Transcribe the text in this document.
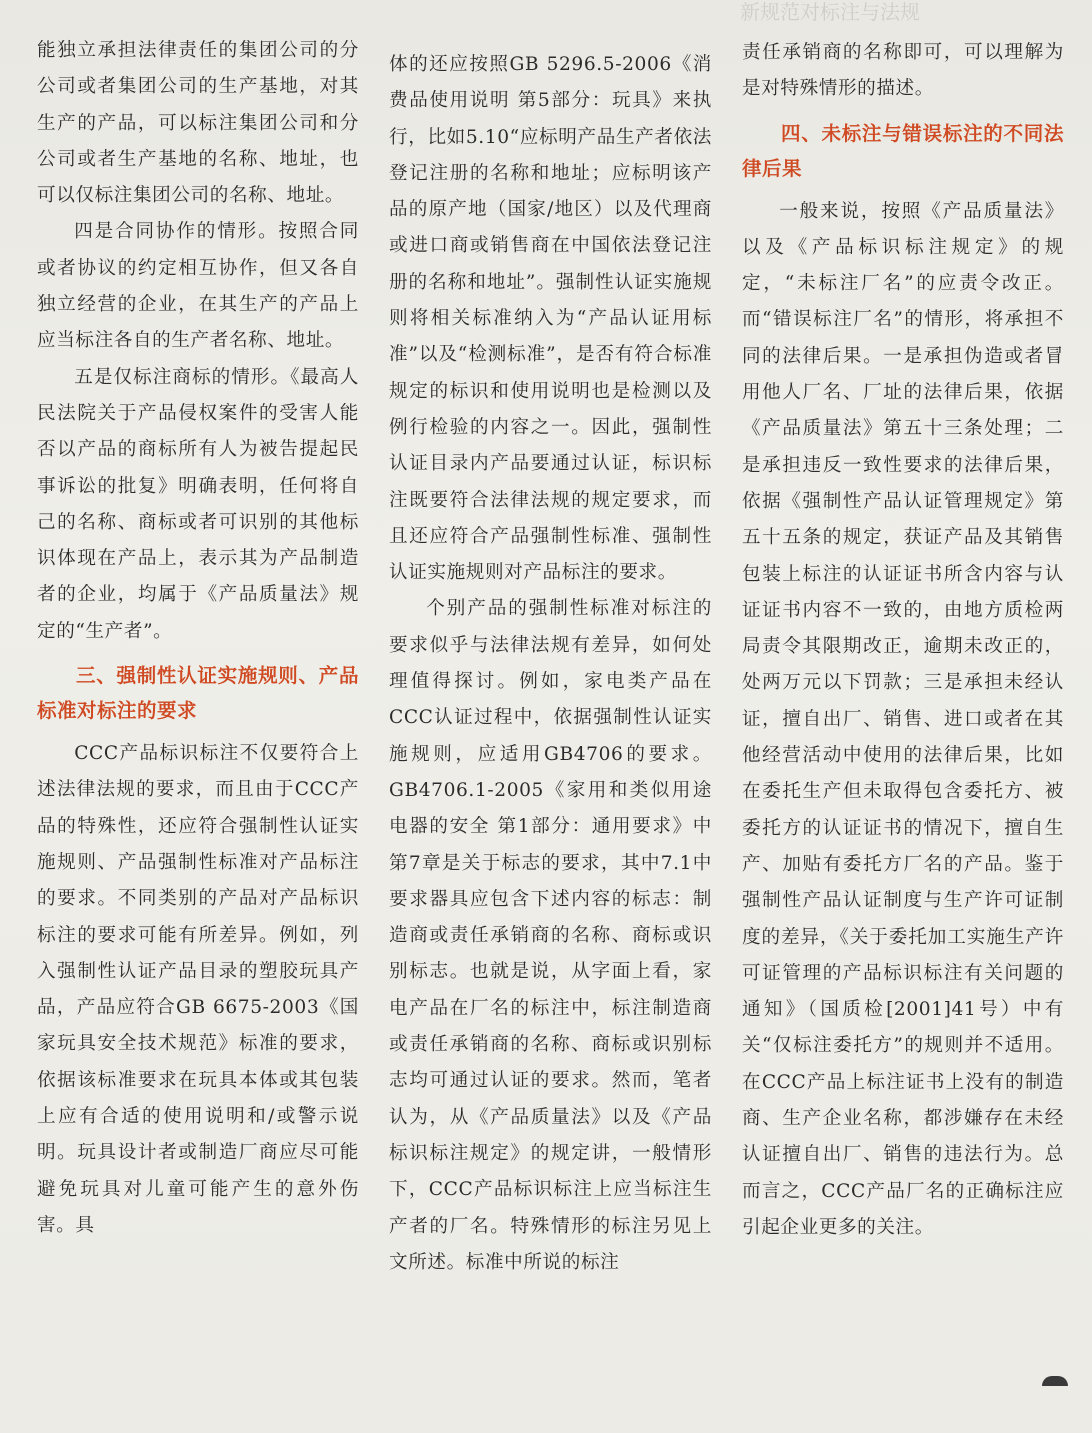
新规范对标注与法规

能独立承担法律责任的集团公司的分公司或者集团公司的生产基地，对其生产的产品，可以标注集团公司和分公司或者生产基地的名称、地址，也可以仅标注集团公司的名称、地址。

四是合同协作的情形。按照合同或者协议的约定相互协作，但又各自独立经营的企业，在其生产的产品上应当标注各自的生产者名称、地址。

五是仅标注商标的情形。《最高人民法院关于产品侵权案件的受害人能否以产品的商标所有人为被告提起民事诉讼的批复》明确表明，任何将自己的名称、商标或者可识别的其他标识体现在产品上，表示其为产品制造者的企业，均属于《产品质量法》规定的“生产者”。

三、强制性认证实施规则、产品标准对标注的要求

CCC产品标识标注不仅要符合上述法律法规的要求，而且由于CCC产品的特殊性，还应符合强制性认证实施规则、产品强制性标准对产品标注的要求。不同类别的产品对产品标识标注的要求可能有所差异。例如，列入强制性认证产品目录的塑胶玩具产品，产品应符合GB 6675-2003《国家玩具安全技术规范》标准的要求，依据该标准要求在玩具本体或其包装上应有合适的使用说明和/或警示说明。玩具设计者或制造厂商应尽可能避免玩具对儿童可能产生的意外伤害。具

体的还应按照GB 5296.5-2006《消费品使用说明 第5部分：玩具》来执行，比如5.10“应标明产品生产者依法登记注册的名称和地址；应标明该产品的原产地（国家/地区）以及代理商或进口商或销售商在中国依法登记注册的名称和地址”。强制性认证实施规则将相关标准纳入为“产品认证用标准”以及“检测标准”，是否有符合标准规定的标识和使用说明也是检测以及例行检验的内容之一。因此，强制性认证目录内产品要通过认证，标识标注既要符合法律法规的规定要求，而且还应符合产品强制性标准、强制性认证实施规则对产品标注的要求。

个别产品的强制性标准对标注的要求似乎与法律法规有差异，如何处理值得探讨。例如，家电类产品在CCC认证过程中，依据强制性认证实施规则，应适用GB4706的要求。GB4706.1-2005《家用和类似用途电器的安全 第1部分：通用要求》中第7章是关于标志的要求，其中7.1中要求器具应包含下述内容的标志：制造商或责任承销商的名称、商标或识别标志。也就是说，从字面上看，家电产品在厂名的标注中，标注制造商或责任承销商的名称、商标或识别标志均可通过认证的要求。然而，笔者认为，从《产品质量法》以及《产品标识标注规定》的规定讲，一般情形下，CCC产品标识标注上应当标注生产者的厂名。特殊情形的标注另见上文所述。标准中所说的标注

责任承销商的名称即可，可以理解为是对特殊情形的描述。

四、未标注与错误标注的不同法律后果

一般来说，按照《产品质量法》以及《产品标识标注规定》的规定，“未标注厂名”的应责令改正。而“错误标注厂名”的情形，将承担不同的法律后果。一是承担伪造或者冒用他人厂名、厂址的法律后果，依据《产品质量法》第五十三条处理；二是承担违反一致性要求的法律后果，依据《强制性产品认证管理规定》第五十五条的规定，获证产品及其销售包装上标注的认证证书所含内容与认证证书内容不一致的，由地方质检两局责令其限期改正，逾期未改正的，处两万元以下罚款；三是承担未经认证，擅自出厂、销售、进口或者在其他经营活动中使用的法律后果，比如在委托生产但未取得包含委托方、被委托方的认证证书的情况下，擅自生产、加贴有委托方厂名的产品。鉴于强制性产品认证制度与生产许可证制度的差异，《关于委托加工实施生产许可证管理的产品标识标注有关问题的通知》（国质检[2001]41号）中有关“仅标注委托方”的规则并不适用。在CCC产品上标注证书上没有的制造商、生产企业名称，都涉嫌存在未经认证擅自出厂、销售的违法行为。总而言之，CCC产品厂名的正确标注应引起企业更多的关注。
